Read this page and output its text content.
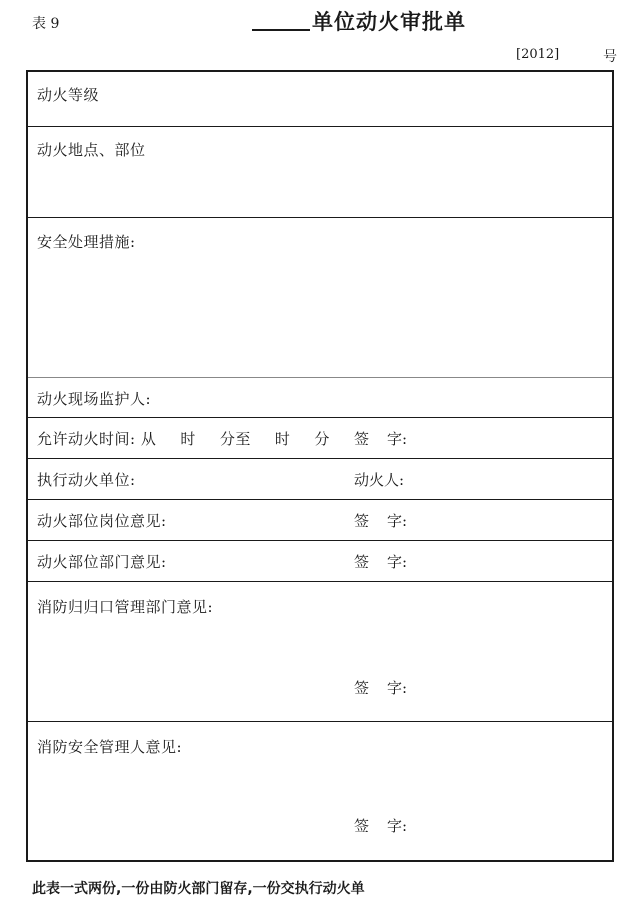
表 9	单位动火审批单
[2012]	号
动火等级
动火地点、部位
安全处理措施:
动火现场监护人:
允许动火时间: 从 时 分至 时 分 签 字:
执行动火单位:	动火人:
动火部位岗位意见:	签 字:
动火部位部门意见:	签 字:
消防归归口管理部门意见:
签 字:
消防安全管理人意见:
签 字:
此表一式两份,一份由防火部门留存,一份交执行动火单
